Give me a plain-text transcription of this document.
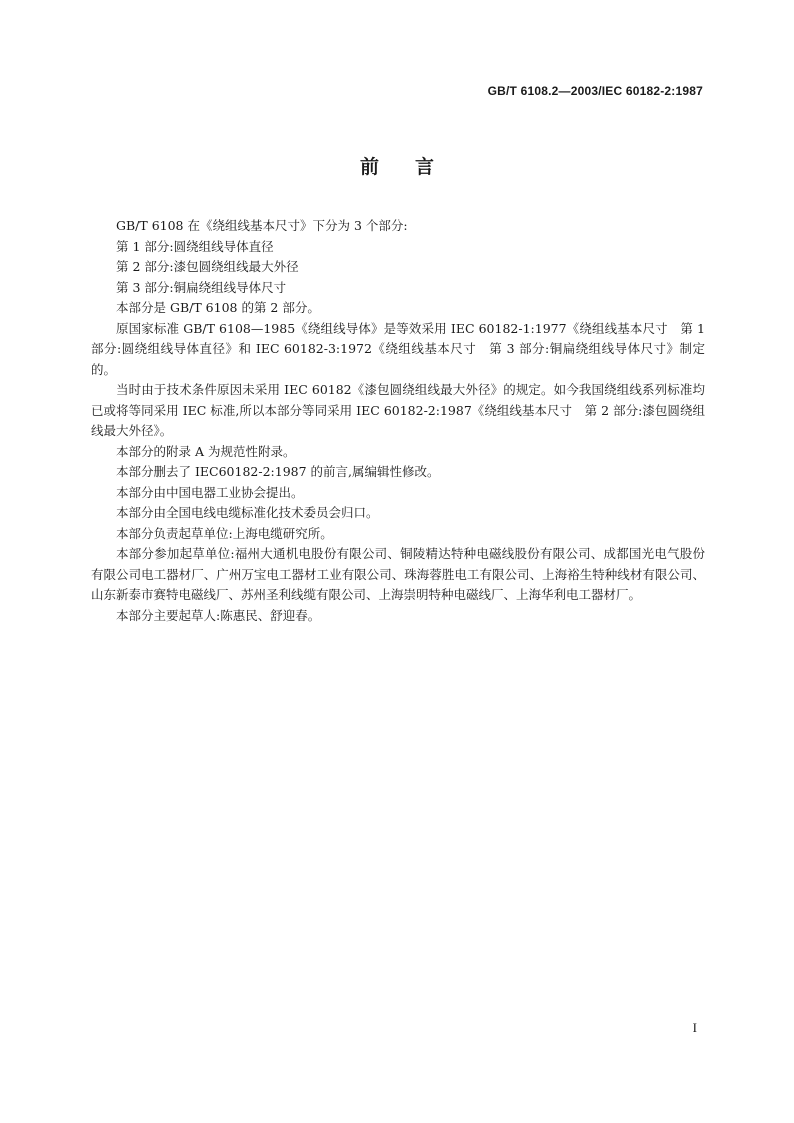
GB/T 6108.2—2003/IEC 60182-2:1987
前言

GB/T 6108 在《绕组线基本尺寸》下分为 3 个部分:

第 1 部分:圆绕组线导体直径

第 2 部分:漆包圆绕组线最大外径

第 3 部分:铜扁绕组线导体尺寸

本部分是 GB/T 6108 的第 2 部分。

原国家标准 GB/T 6108—1985《绕组线导体》是等效采用 IEC 60182-1:1977《绕组线基本尺寸　第 1 部分:圆绕组线导体直径》和 IEC 60182-3:1972《绕组线基本尺寸　第 3 部分:铜扁绕组线导体尺寸》制定的。

当时由于技术条件原因未采用 IEC 60182《漆包圆绕组线最大外径》的规定。如今我国绕组线系列标准均已或将等同采用 IEC 标准,所以本部分等同采用 IEC 60182-2:1987《绕组线基本尺寸　第 2 部分:漆包圆绕组线最大外径》。

本部分的附录 A 为规范性附录。

本部分删去了 IEC60182-2:1987 的前言,属编辑性修改。

本部分由中国电器工业协会提出。

本部分由全国电线电缆标准化技术委员会归口。

本部分负责起草单位:上海电缆研究所。

本部分参加起草单位:福州大通机电股份有限公司、铜陵精达特种电磁线股份有限公司、成都国光电气股份有限公司电工器材厂、广州万宝电工器材工业有限公司、珠海蓉胜电工有限公司、上海裕生特种线材有限公司、山东新泰市赛特电磁线厂、苏州圣利线缆有限公司、上海崇明特种电磁线厂、上海华利电工器材厂。

本部分主要起草人:陈惠民、舒迎春。

I
